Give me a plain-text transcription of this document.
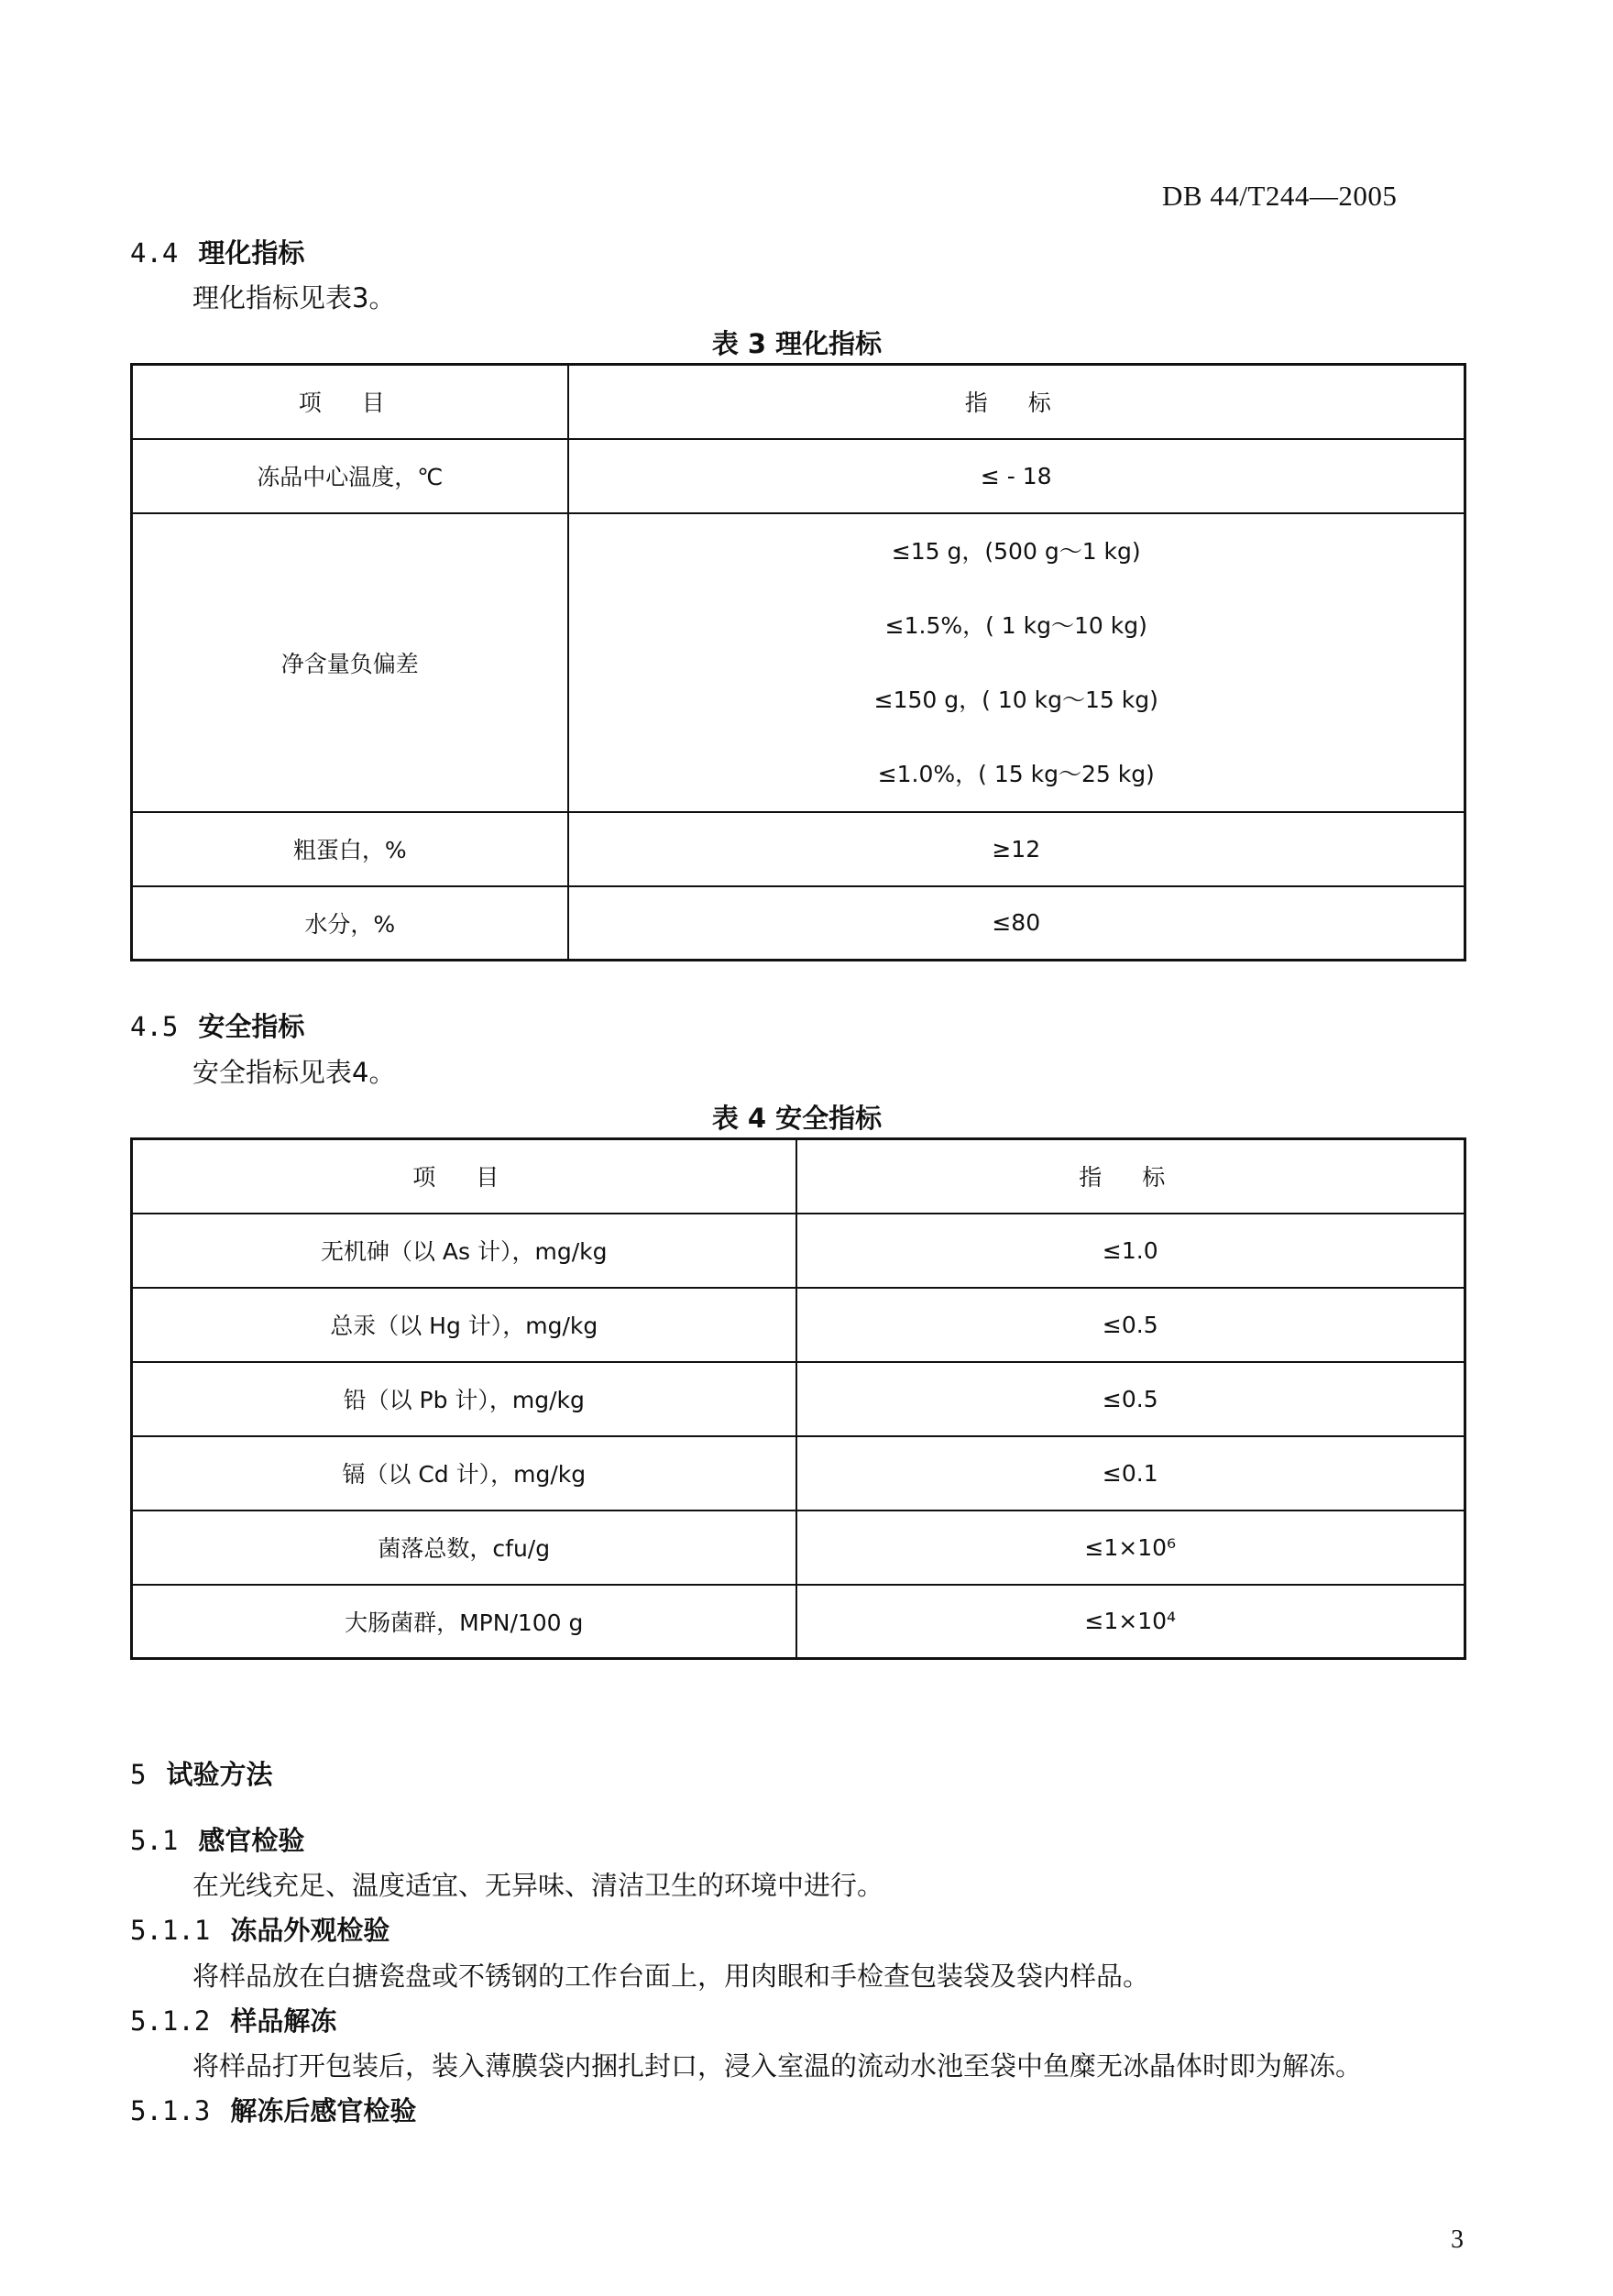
DB 44/T244—2005
4.4 理化指标
理化指标见表3。
表 3 理化指标
项 目	指 标
冻品中心温度，℃	≤ - 18
净含量负偏差	≤15 g，(500 g～1 kg)
≤1.5%，( 1 kg～10 kg)
≤150 g，( 10 kg～15 kg)
≤1.0%，( 15 kg～25 kg)

粗蛋白，%	≥12
水分，%	≤80
4.5 安全指标
安全指标见表4。
表 4 安全指标
项 目	指 标
无机砷（以 As 计），mg/kg	≤1.0
总汞（以 Hg 计），mg/kg	≤0.5
铅（以 Pb 计），mg/kg	≤0.5
镉（以 Cd 计），mg/kg	≤0.1
菌落总数，cfu/g	≤1×10⁶
大肠菌群，MPN/100 g	≤1×10⁴
5 试验方法
5.1 感官检验
在光线充足、温度适宜、无异味、清洁卫生的环境中进行。
5.1.1 冻品外观检验
将样品放在白搪瓷盘或不锈钢的工作台面上，用肉眼和手检查包装袋及袋内样品。
5.1.2 样品解冻
将样品打开包装后，装入薄膜袋内捆扎封口，浸入室温的流动水池至袋中鱼糜无冰晶体时即为解冻。
5.1.3 解冻后感官检验
3
